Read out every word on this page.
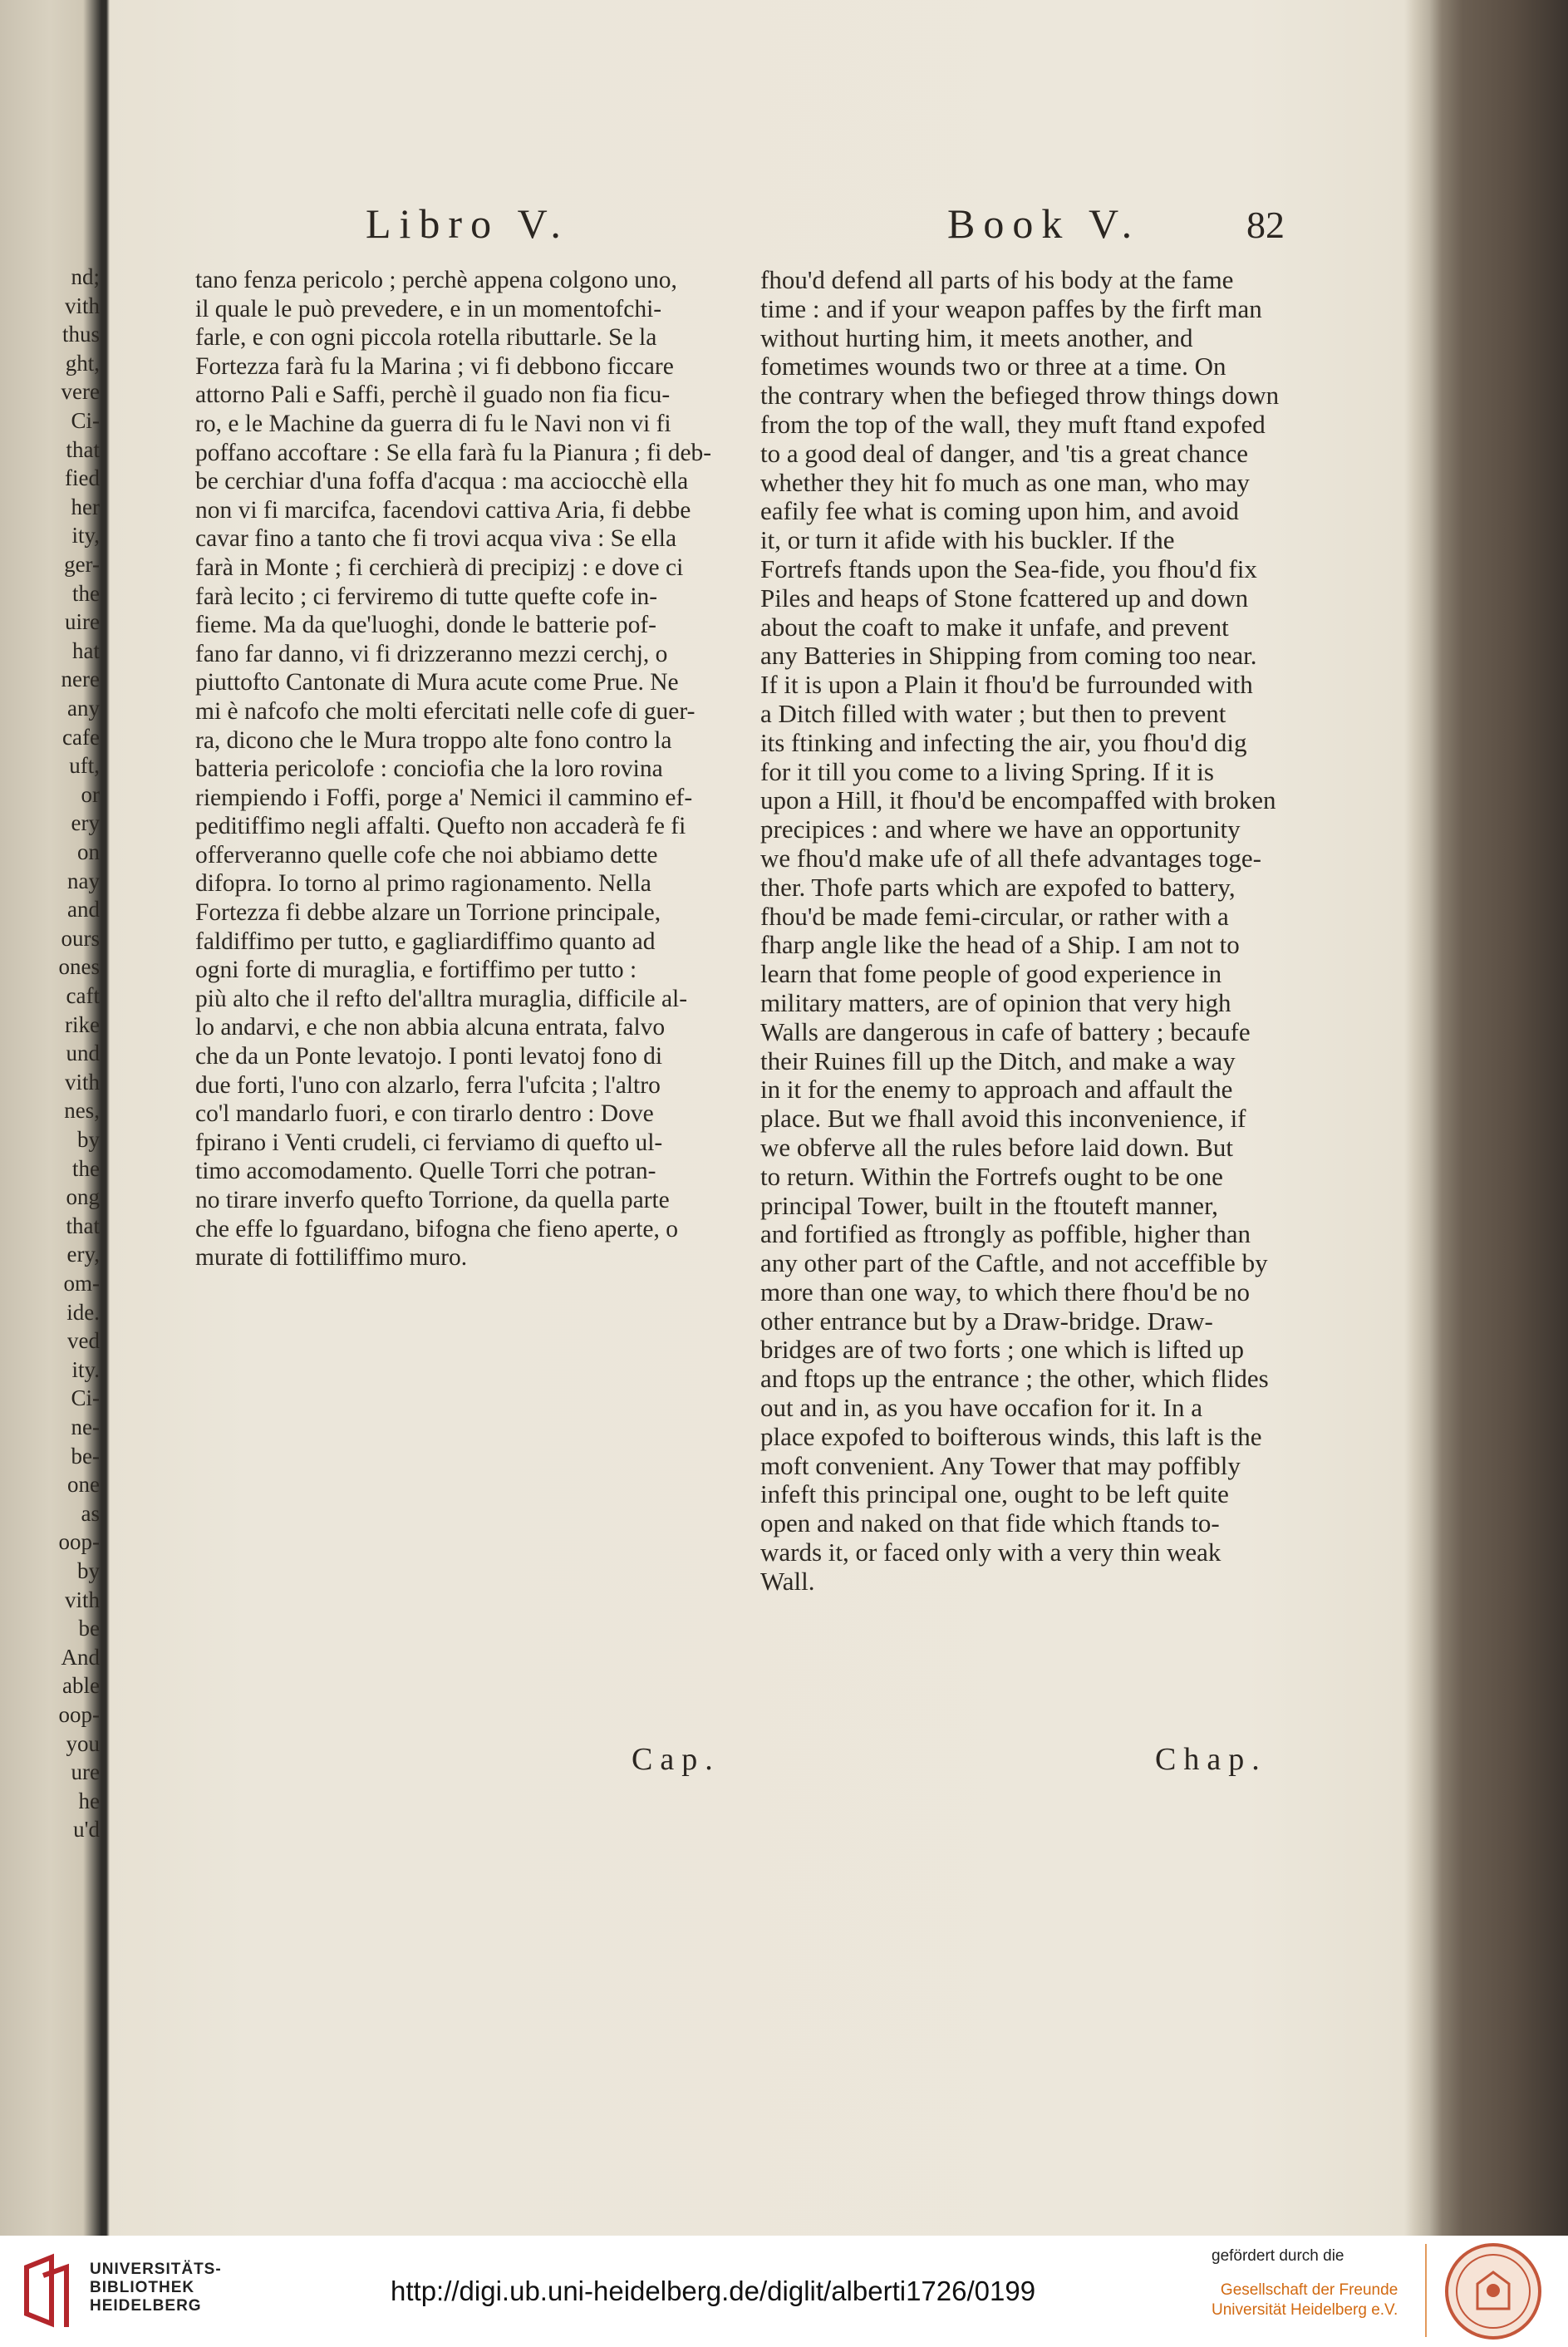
nd;
vith
thus
ght,
vere
Ci-
that
fied
her
ity,
ger-
the
uire
hat
nere
any
cafe
uft,
or
ery
on
nay
and
ours
ones
caft
rike
und
vith
nes,
by
the
ong
that
ery,
om-
ide.
ved
ity.
Ci-
ne-
be-
one
as
oop-
by
vith
be
And
able
oop-
you
ure
he
u'd
Libro V.	Book V.	82

tano fenza pericolo ; perchè appena colgono uno,

il quale le può prevedere, e in un momentofchi-

farle, e con ogni piccola rotella ributtarle. Se la

Fortezza farà fu la Marina ; vi fi debbono ficcare

attorno Pali e Saffi, perchè il guado non fia ficu-

ro, e le Machine da guerra di fu le Navi non vi fi

poffano accoftare : Se ella farà fu la Pianura ; fi deb-

be cerchiar d'una foffa d'acqua : ma acciocchè ella

non vi fi marcifca, facendovi cattiva Aria, fi debbe

cavar fino a tanto che fi trovi acqua viva : Se ella

farà in Monte ; fi cerchierà di precipizj : e dove ci

farà lecito ; ci ferviremo di tutte quefte cofe in-

fieme. Ma da que'luoghi, donde le batterie pof-

fano far danno, vi fi drizzeranno mezzi cerchj, o

piuttofto Cantonate di Mura acute come Prue. Ne

mi è nafcofo che molti efercitati nelle cofe di guer-

ra, dicono che le Mura troppo alte fono contro la

batteria pericolofe : conciofia che la loro rovina

riempiendo i Foffi, porge a' Nemici il cammino ef-

peditiffimo negli affalti. Quefto non accaderà fe fi

offerveranno quelle cofe che noi abbiamo dette

difopra. Io torno al primo ragionamento. Nella

Fortezza fi debbe alzare un Torrione principale,

faldiffimo per tutto, e gagliardiffimo quanto ad

ogni forte di muraglia, e fortiffimo per tutto :

più alto che il refto del'alltra muraglia, difficile al-

lo andarvi, e che non abbia alcuna entrata, falvo

che da un Ponte levatojo. I ponti levatoj fono di

due forti, l'uno con alzarlo, ferra l'ufcita ; l'altro

co'l mandarlo fuori, e con tirarlo dentro : Dove

fpirano i Venti crudeli, ci ferviamo di quefto ul-

timo accomodamento. Quelle Torri che potran-

no tirare inverfo quefto Torrione, da quella parte

che effe lo fguardano, bifogna che fieno aperte, o

murate di fottiliffimo muro.

fhou'd defend all parts of his body at the fame

time : and if your weapon paffes by the firft man

without hurting him, it meets another, and

fometimes wounds two or three at a time. On

the contrary when the befieged throw things down

from the top of the wall, they muft ftand expofed

to a good deal of danger, and 'tis a great chance

whether they hit fo much as one man, who may

eafily fee what is coming upon him, and avoid

it, or turn it afide with his buckler. If the

Fortrefs ftands upon the Sea-fide, you fhou'd fix

Piles and heaps of Stone fcattered up and down

about the coaft to make it unfafe, and prevent

any Batteries in Shipping from coming too near.

If it is upon a Plain it fhou'd be furrounded with

a Ditch filled with water ; but then to prevent

its ftinking and infecting the air, you fhou'd dig

for it till you come to a living Spring. If it is

upon a Hill, it fhou'd be encompaffed with broken

precipices : and where we have an opportunity

we fhou'd make ufe of all thefe advantages toge-

ther. Thofe parts which are expofed to battery,

fhou'd be made femi-circular, or rather with a

fharp angle like the head of a Ship. I am not to

learn that fome people of good experience in

military matters, are of opinion that very high

Walls are dangerous in cafe of battery ; becaufe

their Ruines fill up the Ditch, and make a way

in it for the enemy to approach and affault the

place. But we fhall avoid this inconvenience, if

we obferve all the rules before laid down. But

to return. Within the Fortrefs ought to be one

principal Tower, built in the ftouteft manner,

and fortified as ftrongly as poffible, higher than

any other part of the Caftle, and not acceffible by

more than one way, to which there fhou'd be no

other entrance but by a Draw-bridge. Draw-

bridges are of two forts ; one which is lifted up

and ftops up the entrance ; the other, which flides

out and in, as you have occafion for it. In a

place expofed to boifterous winds, this laft is the

moft convenient. Any Tower that may poffibly

infeft this principal one, ought to be left quite

open and naked on that fide which ftands to-

wards it, or faced only with a very thin weak

Wall.

Cap.	Chap.
UNIVERSITÄTS-
BIBLIOTHEK
HEIDELBERG	http://digi.ub.uni-heidelberg.de/diglit/alberti1726/0199
gefördert durch die
Gesellschaft der Freunde
Universität Heidelberg e.V.
